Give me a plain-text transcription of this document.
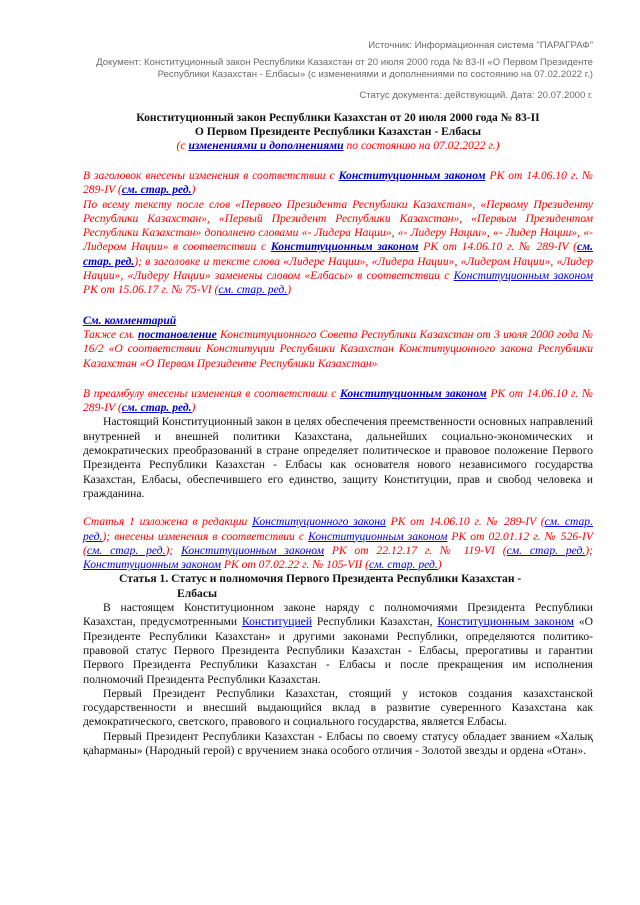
Источник: Информационная система "ПАРАГРАФ"
Документ: Конституционный закон Республики Казахстан от 20 июля 2000 года № 83-II «О Первом Президенте Республики Казахстан - Елбасы» (с изменениями и дополнениями по состоянию на 07.02.2022 г.)
Статус документа: действующий. Дата: 20.07.2000 г.
Конституционный закон Республики Казахстан от 20 июля 2000 года № 83-II
О Первом Президенте Республики Казахстан - Елбасы
(с изменениями и дополнениями по состоянию на 07.02.2022 г.)
В заголовок внесены изменения в соответствии с Конституционным законом РК от 14.06.10 г. № 289-IV (см. стар. ред.)
По всему тексту после слов «Первого Президента Республики Казахстан», «Первому Президенту Республики Казахстан», «Первый Президент Республики Казахстан», «Первым Президентом Республики Казахстан» дополнено словами «- Лидера Нации», «- Лидеру Нации», «- Лидер Нации», «- Лидером Нации» в соответствии с Конституционным законом РК от 14.06.10 г. № 289-IV (см. стар. ред.); в заголовке и тексте слова «Лидере Нации», «Лидера Нации», «Лидером Нации», «Лидер Нации», «Лидеру Нации» заменены словом «Елбасы» в соответствии с Конституционным законом РК от 15.06.17 г. № 75-VI (см. стар. ред.)
См. комментарий
Также см. постановление Конституционного Совета Республики Казахстан от 3 июля 2000 года № 16/2 «О соответствии Конституции Республики Казахстан Конституционного закона Республики Казахстан «О Первом Президенте Республики Казахстан»
В преамбулу внесены изменения в соответствии с Конституционным законом РК от 14.06.10 г. № 289-IV (см. стар. ред.)
Настоящий Конституционный закон в целях обеспечения преемственности основных направлений внутренней и внешней политики Казахстана, дальнейших социально-экономических и демократических преобразований в стране определяет политическое и правовое положение Первого Президента Республики Казахстан - Елбасы как основателя нового независимого государства Казахстан, Елбасы, обеспечившего его единство, защиту Конституции, прав и свобод человека и гражданина.
Статья 1 изложена в редакции Конституционного закона РК от 14.06.10 г. № 289-IV (см. стар. ред.); внесены изменения в соответствии с Конституционным законом РК от 02.01.12 г. № 526-IV (см. стар. ред.); Конституционным законом РК от 22.12.17 г. № 119-VI (см. стар. ред.); Конституционным законом РК от 07.02.22 г. № 105-VII (см. стар. ред.)
Статья 1. Статус и полномочия Первого Президента Республики Казахстан -
Елбасы
В настоящем Конституционном законе наряду с полномочиями Президента Республики Казахстан, предусмотренными Конституцией Республики Казахстан, Конституционным законом «О Президенте Республики Казахстан» и другими законами Республики, определяются политико-правовой статус Первого Президента Республики Казахстан - Елбасы, прерогативы и гарантии Первого Президента Республики Казахстан - Елбасы и после прекращения им исполнения полномочий Президента Республики Казахстан.
Первый Президент Республики Казахстан, стоящий у истоков создания казахстанской государственности и внесший выдающийся вклад в развитие суверенного Казахстана как демократического, светского, правового и социального государства, является Елбасы.
Первый Президент Республики Казахстан - Елбасы по своему статусу обладает званием «Халық қаһарманы» (Народный герой) с вручением знака особого отличия - Золотой звезды и ордена «Отан».
